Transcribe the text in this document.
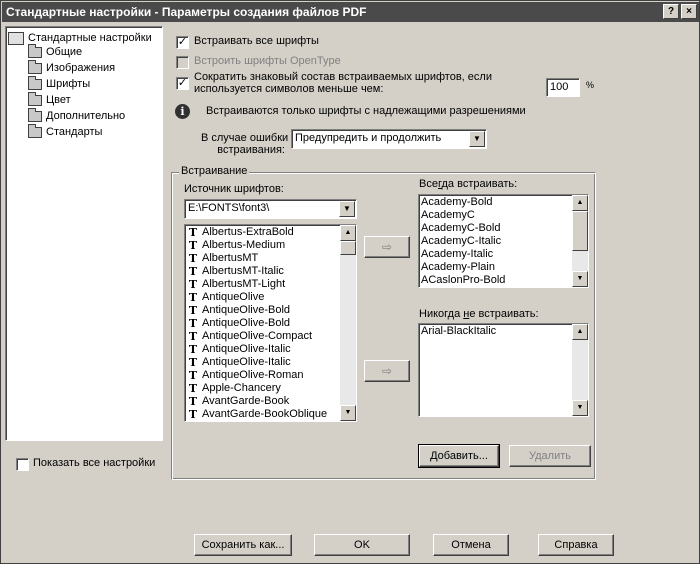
Стандартные настройки - Параметры создания файлов PDF	?	×
Стандартные настройки
Общие
Изображения
Шрифты
Цвет
Дополнительно
Стандарты
Показать все настройки
✓ Встраивать все шрифты
Встроить шрифты OpenType
✓ Сократить знаковый состав встраиваемых шрифтов, если
используется символов меньше чем:	100	%
i	Встраиваются только шрифты с надлежащими разрешениями
В случае ошибки
встраивания:
Предупредить и продолжить	▼
Встраивание
Источник шрифтов:
E:\FONTS\font3\	▼
T Albertus-ExtraBold
T Albertus-Medium
T AlbertusMT
T AlbertusMT-Italic
T AlbertusMT-Light
T AntiqueOlive
T AntiqueOlive-Bold
T AntiqueOlive-Bold
T AntiqueOlive-Compact
T AntiqueOlive-Italic
T AntiqueOlive-Italic
T AntiqueOlive-Roman
T Apple-Chancery
T AvantGarde-Book
T AvantGarde-BookOblique
▲
▼
⇨
⇨
Всегда встраивать:
Academy-Bold
AcademyC
AcademyC-Bold
AcademyC-Italic
Academy-Italic
Academy-Plain
ACaslonPro-Bold
▲
▼
Никогда не встраивать:
Arial-BlackItalic	▲
▼
Добавить...	Удалить
Сохранить как...	OK	Отмена	Справка
